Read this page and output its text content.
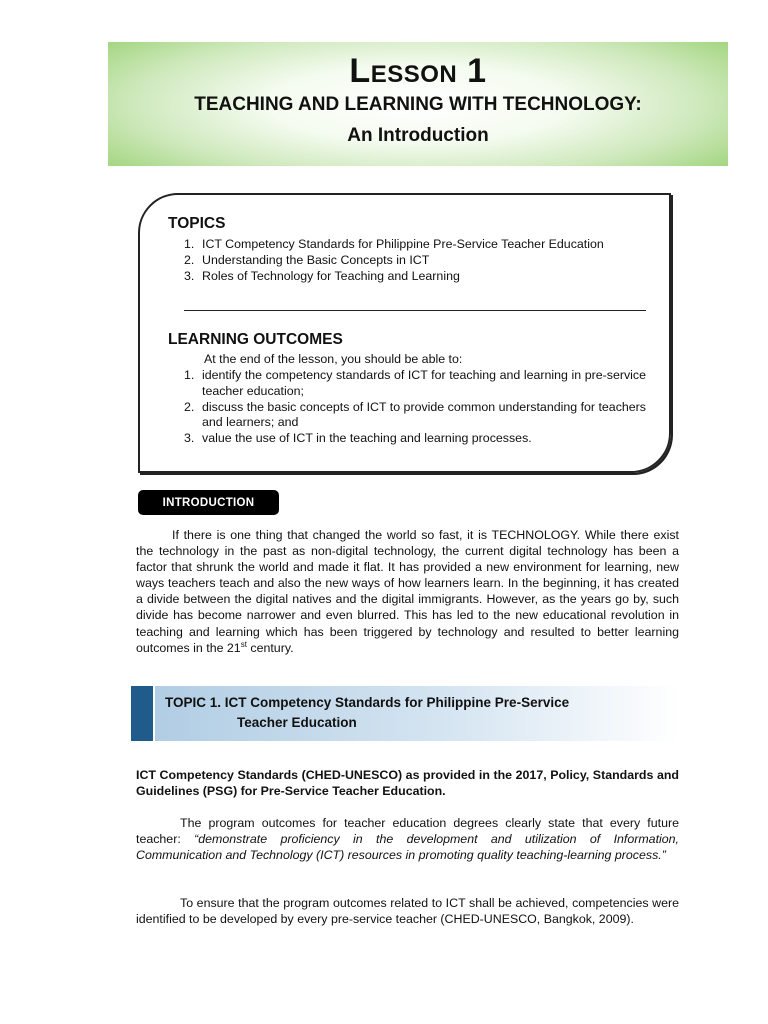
Lesson 1
TEACHING AND LEARNING WITH TECHNOLOGY:
An Introduction
TOPICS
1. ICT Competency Standards for Philippine Pre-Service Teacher Education
2. Understanding the Basic Concepts in ICT
3. Roles of Technology for Teaching and Learning
LEARNING OUTCOMES
At the end of the lesson, you should be able to:
1. identify the competency standards of ICT for teaching and learning in pre-service teacher education;
2. discuss the basic concepts of ICT to provide common understanding for teachers and learners; and
3. value the use of ICT in the teaching and learning processes.
INTRODUCTION

If there is one thing that changed the world so fast, it is TECHNOLOGY. While there exist the technology in the past as non-digital technology, the current digital technology has been a factor that shrunk the world and made it flat. It has provided a new environment for learning, new ways teachers teach and also the new ways of how learners learn. In the beginning, it has created a divide between the digital natives and the digital immigrants. However, as the years go by, such divide has become narrower and even blurred. This has led to the new educational revolution in teaching and learning which has been triggered by technology and resulted to better learning outcomes in the 21st century.

TOPIC 1. ICT Competency Standards for Philippine Pre-Service
Teacher Education

ICT Competency Standards (CHED-UNESCO) as provided in the 2017, Policy, Standards and Guidelines (PSG) for Pre-Service Teacher Education.

The program outcomes for teacher education degrees clearly state that every future teacher: “demonstrate proficiency in the development and utilization of Information, Communication and Technology (ICT) resources in promoting quality teaching-learning process.”

To ensure that the program outcomes related to ICT shall be achieved, competencies were identified to be developed by every pre-service teacher (CHED-UNESCO, Bangkok, 2009).
